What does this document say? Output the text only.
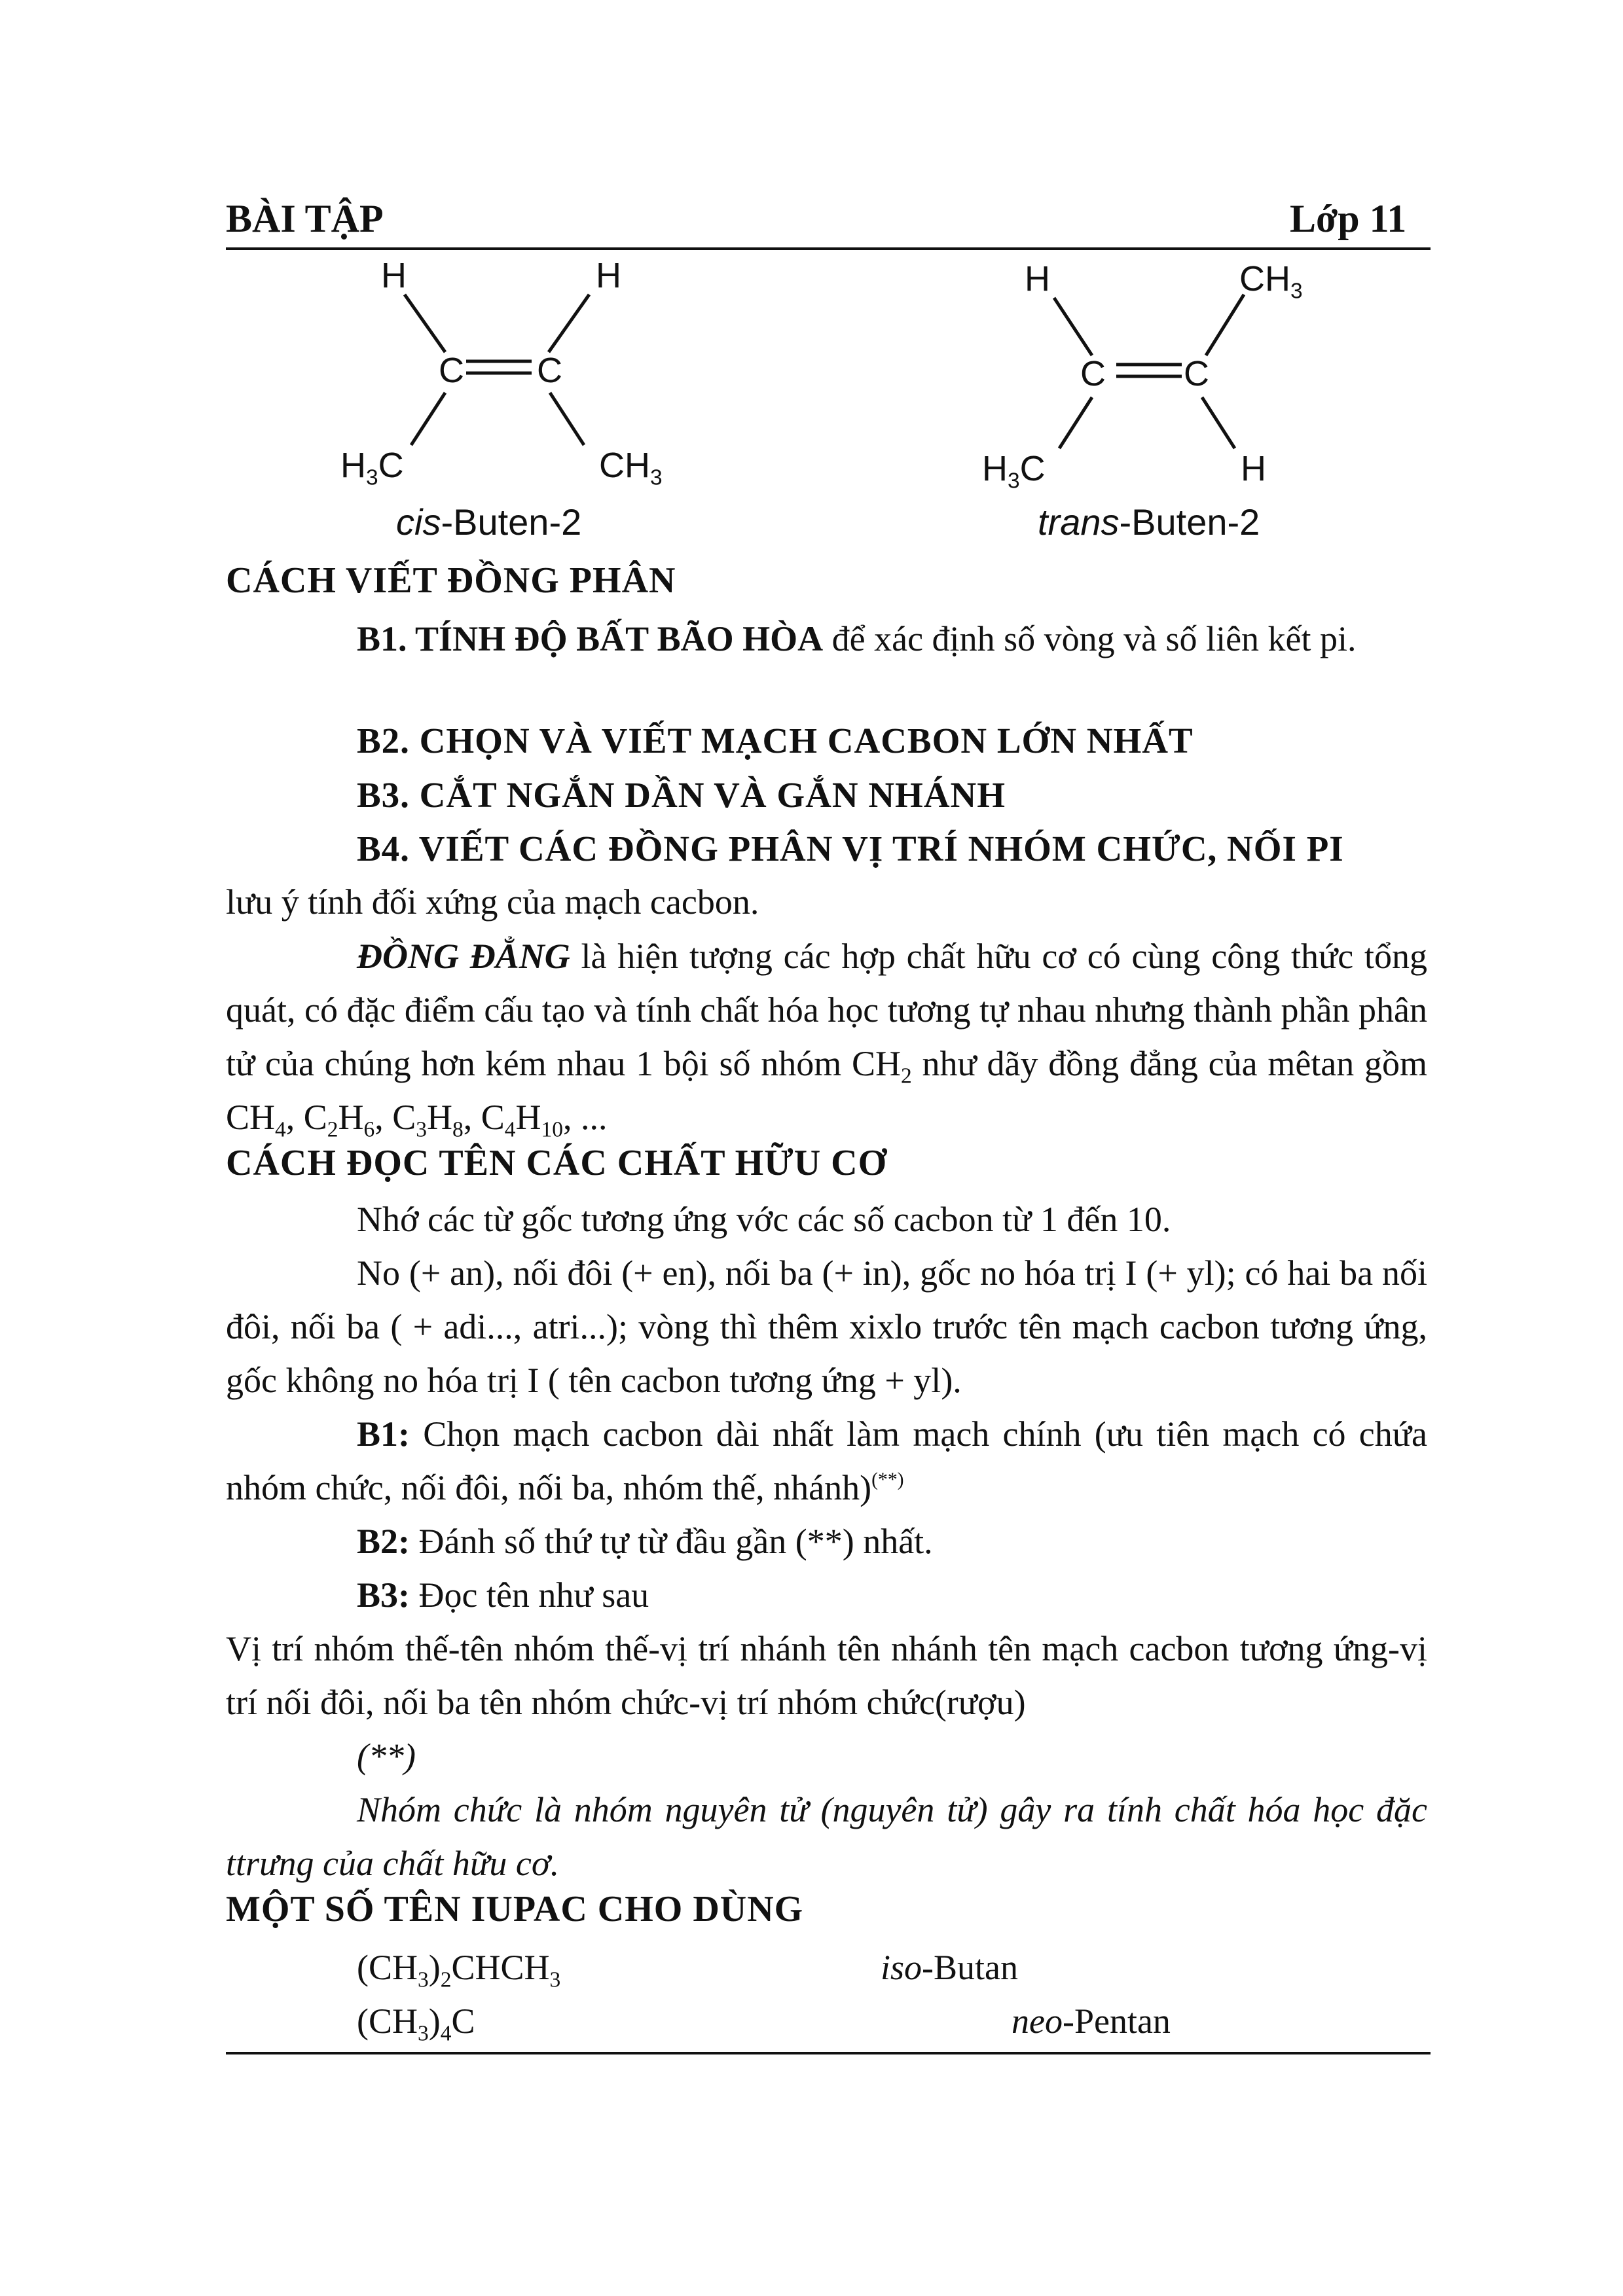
BÀI TẬP	Lớp 11
H	H
C C
$H_3C$	$CH_3$
cis-Buten-2
H	$CH_3$
C C
$H_3C$	H
trans-Buten-2
CÁCH VIẾT ĐỒNG PHÂN
B1. TÍNH ĐỘ BẤT BÃO HÒA để xác định số vòng và số liên kết pi.
B2. CHỌN VÀ VIẾT MẠCH CACBON LỚN NHẤT
B3. CẮT NGẮN DẦN VÀ GẮN NHÁNH
B4. VIẾT CÁC ĐỒNG PHÂN VỊ TRÍ NHÓM CHỨC, NỐI PI
lưu ý tính đối xứng của mạch cacbon.
ĐỒNG ĐẲNG là hiện tượng các hợp chất hữu cơ có cùng công thức tổng quát, có đặc điểm cấu tạo và tính chất hóa học tương tự nhau nhưng thành phần phân tử của chúng hơn kém nhau 1 bội số nhóm $CH_2$ như dãy đồng đẳng của mêtan gồm $CH_4$, $C_2H_6$, $C_3H_8$, $C_4H_{10}$, ...
CÁCH ĐỌC TÊN CÁC CHẤT HỮU CƠ
Nhớ các từ gốc tương ứng vớc các số cacbon từ 1 đến 10.
No (+ an), nối đôi (+ en), nối ba (+ in), gốc no hóa trị I (+ yl); có hai ba nối đôi, nối ba ( + adi..., atri...); vòng thì thêm xixlo trước tên mạch cacbon tương ứng, gốc không no hóa trị I ( tên cacbon tương ứng + yl).
B1: Chọn mạch cacbon dài nhất làm mạch chính (ưu tiên mạch có chứa nhóm chức, nối đôi, nối ba, nhóm thế, nhánh)(**)
B2: Đánh số thứ tự từ đầu gần (**) nhất.
B3: Đọc tên như sau
Vị trí nhóm thế-tên nhóm thế-vị trí nhánh tên nhánh tên mạch cacbon tương ứng-vị trí nối đôi, nối ba tên nhóm chức-vị trí nhóm chức(rượu)
(**)
Nhóm chức là nhóm nguyên tử (nguyên tử) gây ra tính chất hóa học đặc ttrưng của chất hữu cơ.
MỘT SỐ TÊN IUPAC CHO DÙNG
$(CH_3)_2CHCH_3$	iso-Butan
$(CH_3)_4C$	neo-Pentan
